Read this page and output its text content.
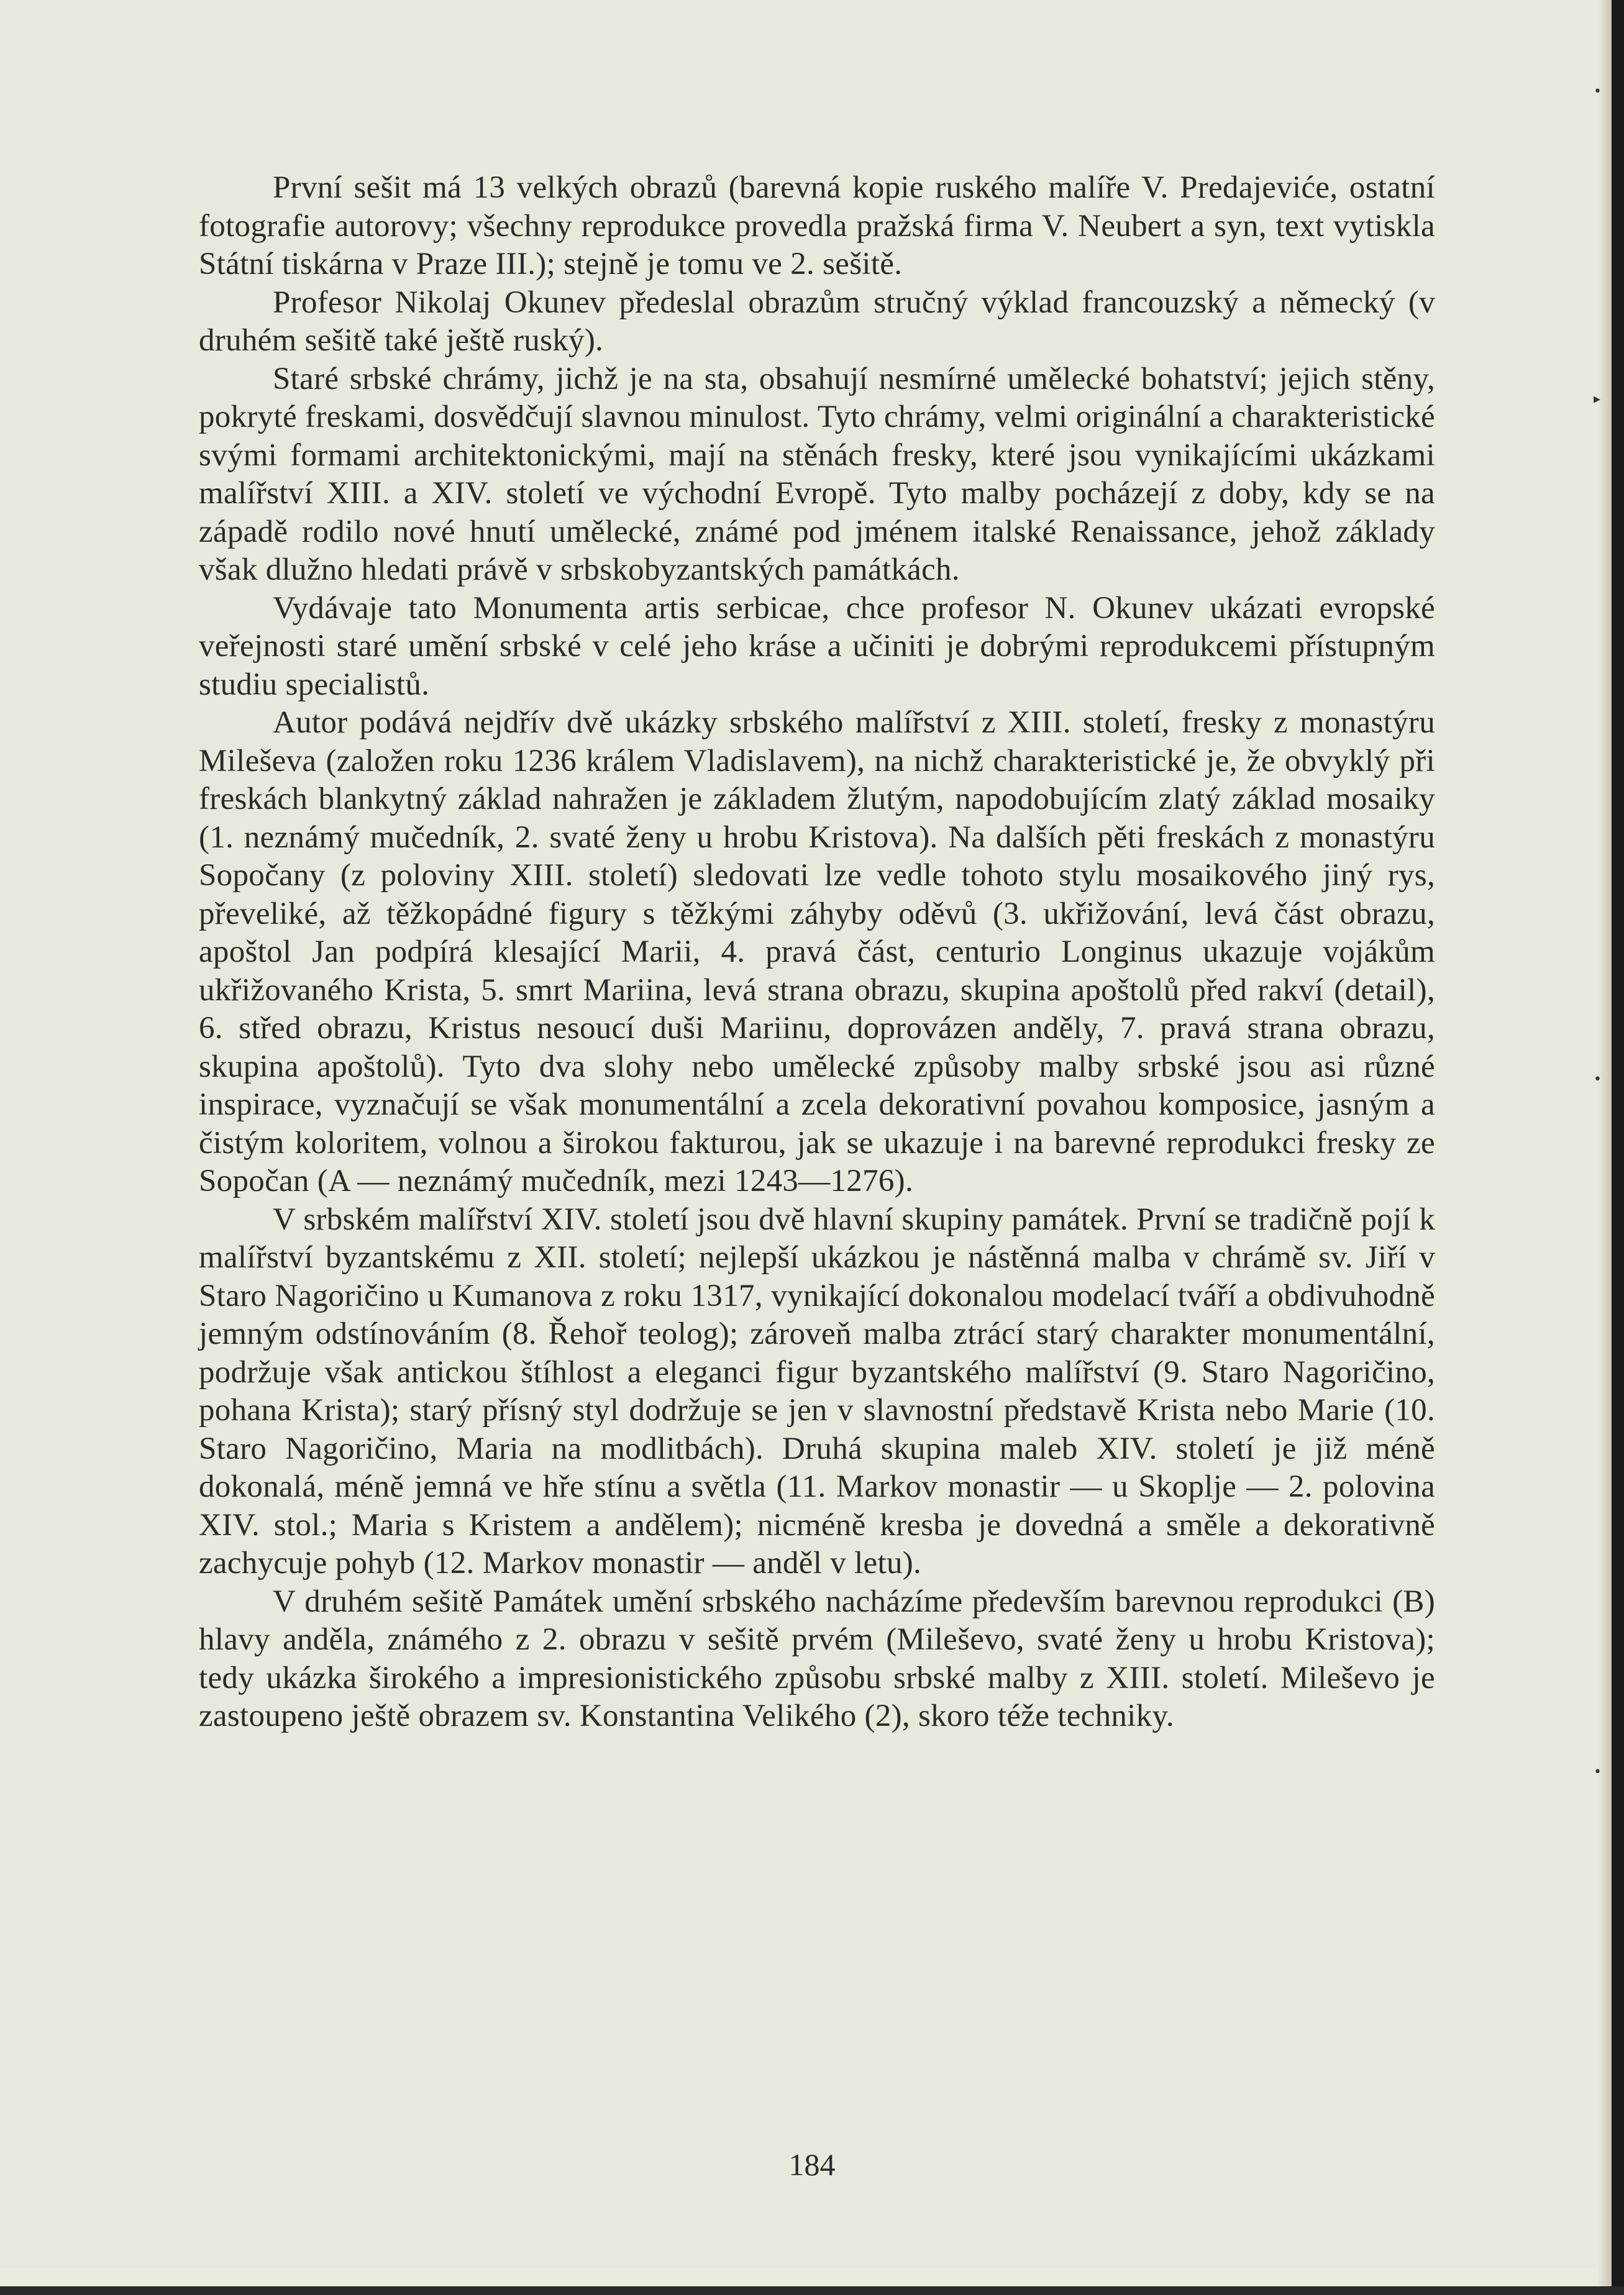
První sešit má 13 velkých obrazů (barevná kopie ruského malíře V. Predajeviće, ostatní fotografie autorovy; všechny reprodukce provedla pražská firma V. Neubert a syn, text vytiskla Státní tiskárna v Praze III.); stejně je tomu ve 2. sešitě.

Profesor Nikolaj Okunev předeslal obrazům stručný výklad francouzský a německý (v druhém sešitě také ještě ruský).

Staré srbské chrámy, jichž je na sta, obsahují nesmírné umělecké bohatství; jejich stěny, pokryté freskami, dosvědčují slavnou minulost. Tyto chrámy, velmi originální a charakteristické svými formami architektonickými, mají na stěnách fresky, které jsou vynikajícími ukázkami malířství XIII. a XIV. století ve východní Evropě. Tyto malby pocházejí z doby, kdy se na západě rodilo nové hnutí umělecké, známé pod jménem italské Renaissance, jehož základy však dlužno hledati právě v srbskobyzantských památkách.

Vydávaje tato Monumenta artis serbicae, chce profesor N. Okunev ukázati evropské veřejnosti staré umění srbské v celé jeho kráse a učiniti je dobrými reprodukcemi přístupným studiu specialistů.

Autor podává nejdřív dvě ukázky srbského malířství z XIII. století, fresky z monastýru Mileševa (založen roku 1236 králem Vladislavem), na nichž charakteristické je, že obvyklý při freskách blankytný základ nahražen je základem žlutým, napodobujícím zlatý základ mosaiky (1. neznámý mučedník, 2. svaté ženy u hrobu Kristova). Na dalších pěti freskách z monastýru Sopočany (z poloviny XIII. století) sledovati lze vedle tohoto stylu mosaikového jiný rys, převeliké, až těžkopádné figury s těžkými záhyby oděvů (3. ukřižování, levá část obrazu, apoštol Jan podpírá klesající Marii, 4. pravá část, centurio Longinus ukazuje vojákům ukřižovaného Krista, 5. smrt Mariina, levá strana obrazu, skupina apoštolů před rakví (detail), 6. střed obrazu, Kristus nesoucí duši Mariinu, doprovázen anděly, 7. pravá strana obrazu, skupina apoštolů). Tyto dva slohy nebo umělecké způsoby malby srbské jsou asi různé inspirace, vyznačují se však monumentální a zcela dekorativní povahou komposice, jasným a čistým koloritem, volnou a širokou fakturou, jak se ukazuje i na barevné reprodukci fresky ze Sopočan (A — neznámý mučedník, mezi 1243—1276).

V srbském malířství XIV. století jsou dvě hlavní skupiny památek. První se tradičně pojí k malířství byzantskému z XII. století; nejlepší ukázkou je nástěnná malba v chrámě sv. Jiří v Staro Nagoričino u Kumanova z roku 1317, vynikající dokonalou modelací tváří a obdivuhodně jemným odstínováním (8. Řehoř teolog); zároveň malba ztrácí starý charakter monumentální, podržuje však antickou štíhlost a eleganci figur byzantského malířství (9. Staro Nagoričino, pohana Krista); starý přísný styl dodržuje se jen v slavnostní představě Krista nebo Marie (10. Staro Nagoričino, Maria na modlitbách). Druhá skupina maleb XIV. století je již méně dokonalá, méně jemná ve hře stínu a světla (11. Markov monastir — u Skoplje — 2. polovina XIV. stol.; Maria s Kristem a andělem); nicméně kresba je dovedná a směle a dekorativně zachycuje pohyb (12. Markov monastir — anděl v letu).

V druhém sešitě Památek umění srbského nacházíme především barevnou reprodukci (B) hlavy anděla, známého z 2. obrazu v sešitě prvém (Mileševo, svaté ženy u hrobu Kristova); tedy ukázka širokého a impresionistického způsobu srbské malby z XIII. století. Mileševo je zastoupeno ještě obrazem sv. Konstantina Velikého (2), skoro téže techniky.

184
•
▸
•
•
